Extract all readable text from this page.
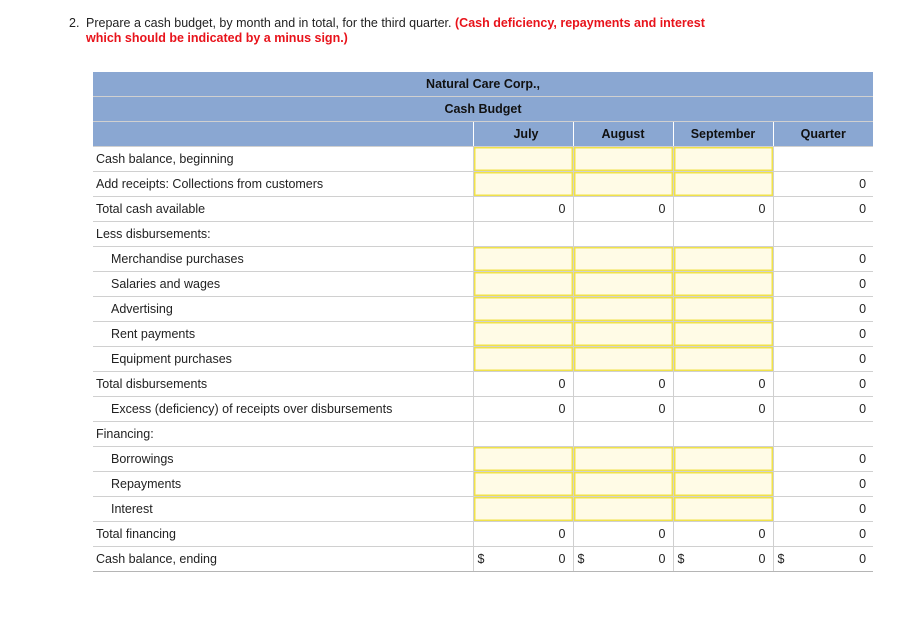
2. Prepare a cash budget, by month and in total, for the third quarter. (Cash deficiency, repayments and interest which should be indicated by a minus sign.)
Natural Care Corp.,				
Cash Budget				
	July	August	September	Quarter
Cash balance, beginning				
Add receipts: Collections from customers				0
Total cash available	0	0	0	0
Less disbursements:				
Merchandise purchases				0
Salaries and wages				0
Advertising				0
Rent payments				0
Equipment purchases				0
Total disbursements	0	0	0	0
Excess (deficiency) of receipts over disbursements	0	0	0	0
Financing:				
Borrowings				0
Repayments				0
Interest				0
Total financing	0	0	0	0
Cash balance, ending	$ 0	$ 0	$ 0	$ 0
